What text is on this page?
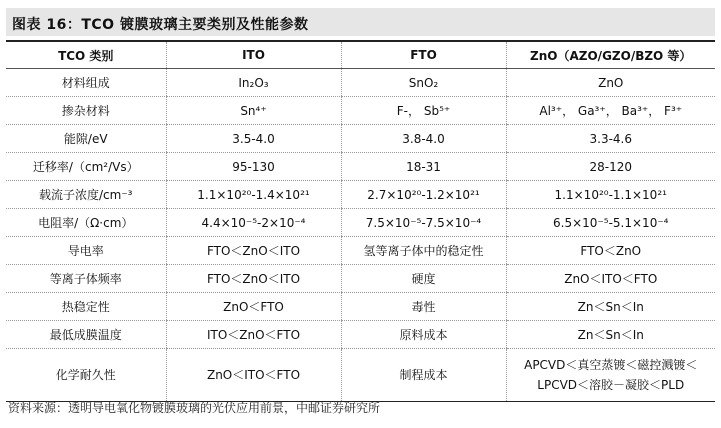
图表 16：TCO 镀膜玻璃主要类别及性能参数
TCO 类别	ITO	FTO	ZnO（AZO/GZO/BZO 等）
材料组成	In₂O₃	SnO₂	ZnO
掺杂材料	Sn⁴⁺	F-， Sb⁵⁺	Al³⁺， Ga³⁺， Ba³⁺， F³⁺
能隙/eV	3.5-4.0	3.8-4.0	3.3-4.6
迁移率/（cm²/Vs）	95-130	18-31	28-120
载流子浓度/cm⁻³	1.1×10²⁰-1.4×10²¹	2.7×10²⁰-1.2×10²¹	1.1×10²⁰-1.1×10²¹
电阻率/（Ω·cm）	4.4×10⁻⁵-2×10⁻⁴	7.5×10⁻⁵-7.5×10⁻⁴	6.5×10⁻⁵-5.1×10⁻⁴
导电率	FTO＜ZnO＜ITO	氢等离子体中的稳定性	FTO＜ZnO
等离子体频率	FTO＜ZnO＜ITO	硬度	ZnO＜ITO＜FTO
热稳定性	ZnO＜FTO	毒性	Zn＜Sn＜In
最低成膜温度	ITO＜ZnO＜FTO	原料成本	Zn＜Sn＜In
化学耐久性	ZnO＜ITO＜FTO	制程成本	APCVD＜真空蒸镀＜磁控溅镀＜LPCVD＜溶胶－凝胶＜PLD
资料来源：透明导电氧化物镀膜玻璃的光伏应用前景，中邮证券研究所
